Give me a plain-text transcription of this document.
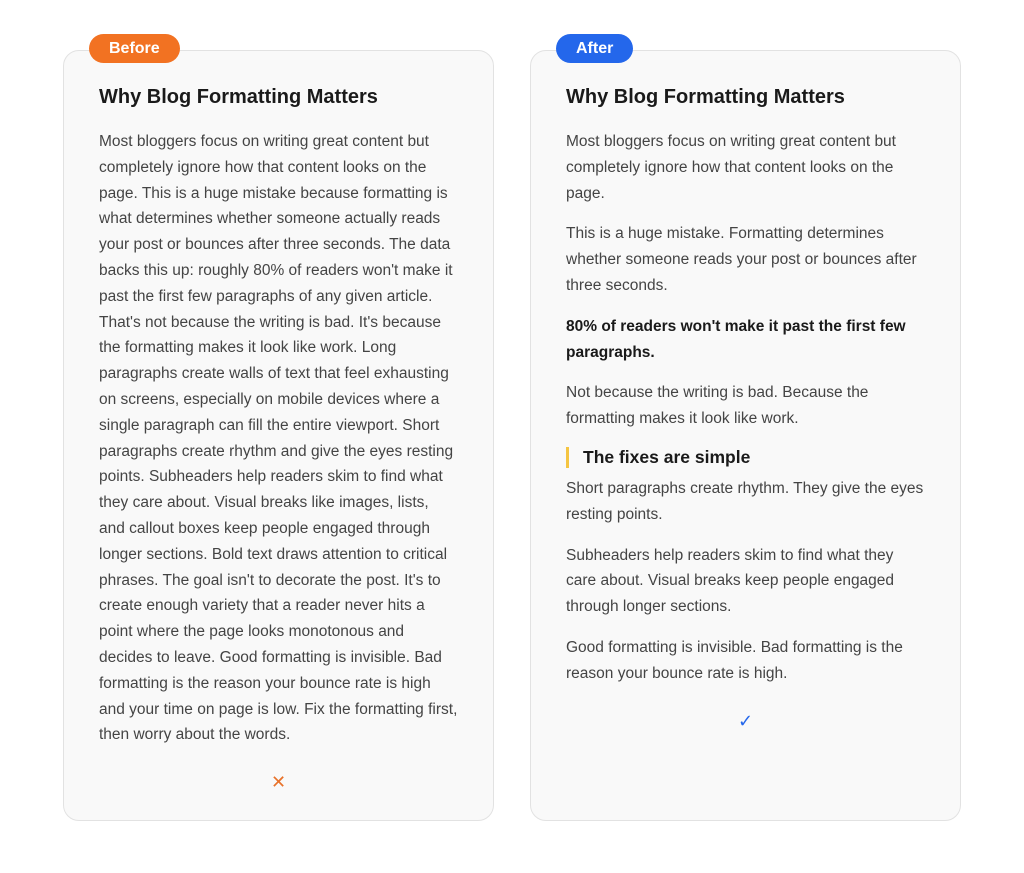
Before
Why Blog Formatting Matters

Most bloggers focus on writing great content but completely ignore how that content looks on the page. This is a huge mistake because formatting is what determines whether someone actually reads your post or bounces after three seconds. The data backs this up: roughly 80% of readers won't make it past the first few paragraphs of any given article. That's not because the writing is bad. It's because the formatting makes it look like work. Long paragraphs create walls of text that feel exhausting on screens, especially on mobile devices where a single paragraph can fill the entire viewport. Short paragraphs create rhythm and give the eyes resting points. Subheaders help readers skim to find what they care about. Visual breaks like images, lists, and callout boxes keep people engaged through longer sections. Bold text draws attention to critical phrases. The goal isn't to decorate the post. It's to create enough variety that a reader never hits a point where the page looks monotonous and decides to leave. Good formatting is invisible. Bad formatting is the reason your bounce rate is high and your time on page is low. Fix the formatting first, then worry about the words.

✕
After
Why Blog Formatting Matters

Most bloggers focus on writing great content but completely ignore how that content looks on the page.

This is a huge mistake. Formatting determines whether someone reads your post or bounces after three seconds.

80% of readers won't make it past the first few paragraphs.

Not because the writing is bad. Because the formatting makes it look like work.

The fixes are simple

Short paragraphs create rhythm. They give the eyes resting points.

Subheaders help readers skim to find what they care about. Visual breaks keep people engaged through longer sections.

Good formatting is invisible. Bad formatting is the reason your bounce rate is high.

✓
